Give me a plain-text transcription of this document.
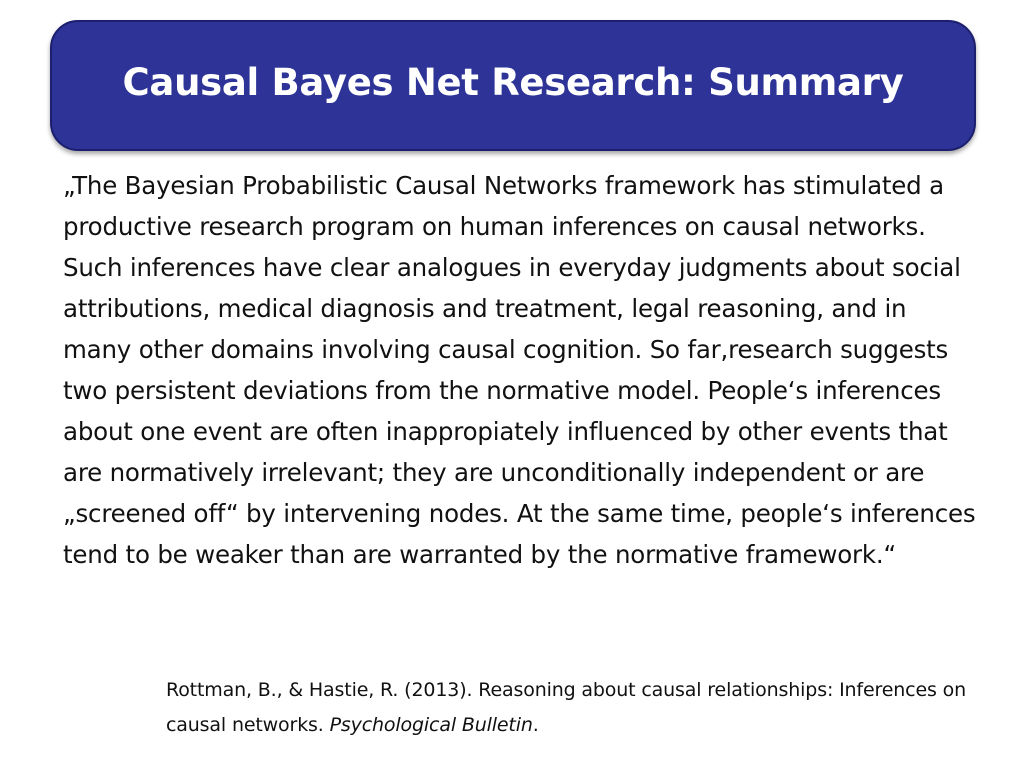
Causal Bayes Net Research: Summary

„The Bayesian Probabilistic Causal Networks framework has stimulated a productive research program on human inferences on causal networks. Such inferences have clear analogues in everyday judgments about social attributions, medical diagnosis and treatment, legal reasoning, and in many other domains involving causal cognition. So far,research suggests two persistent deviations from the normative model. People‘s inferences about one event are often inappropiately influenced by other events that are normatively irrelevant; they are unconditionally independent or are „screened off“ by intervening nodes. At the same time, people‘s inferences tend to be weaker than are warranted by the normative framework.“

Rottman, B., & Hastie, R. (2013). Reasoning about causal relationships: Inferences on causal networks. Psychological Bulletin.
